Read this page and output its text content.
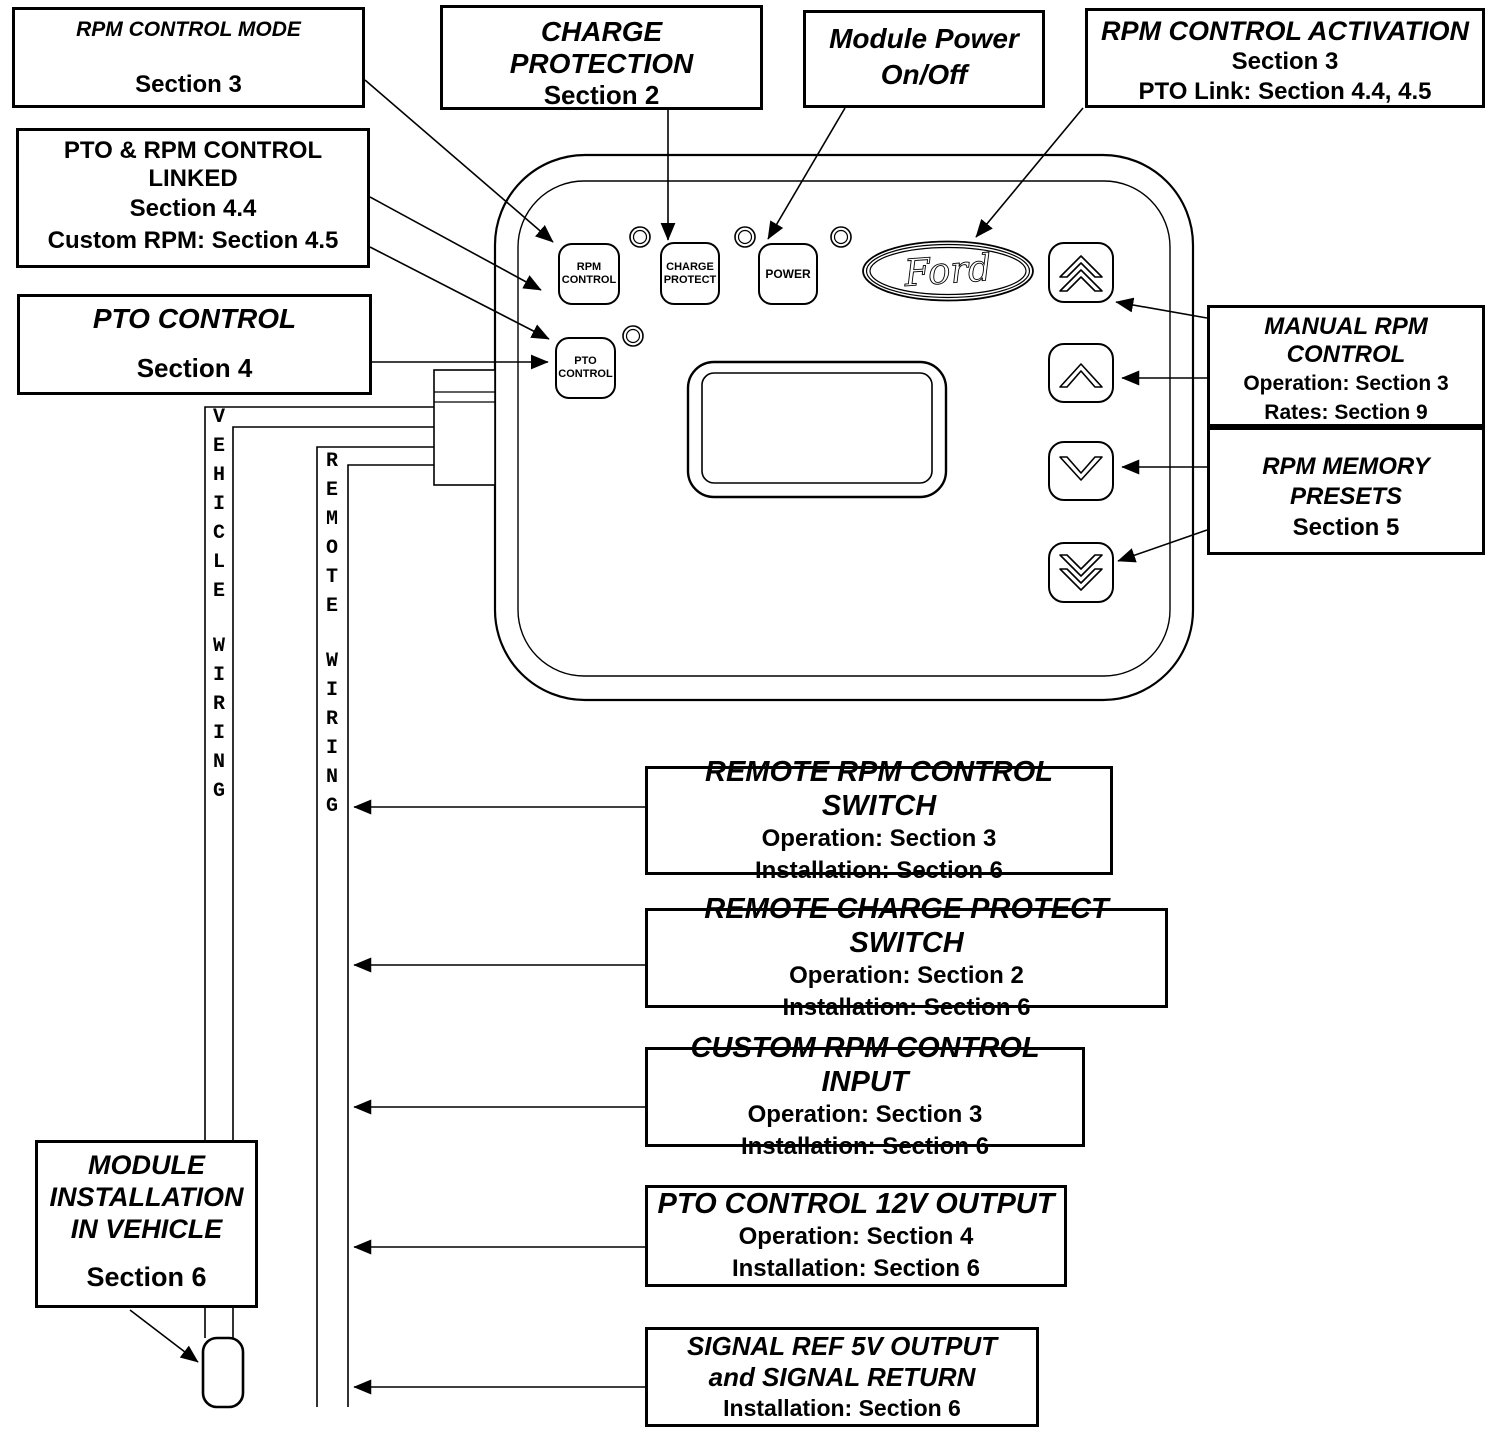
Ford
V
E
H
I
C
L
E
W
I
R
I
N
G
R
E
M
O
T
E
W
I
R
I
N
G
RPM CONTROL MODE
Section 3
PTO & RPM CONTROL LINKED
Section 4.4
Custom RPM: Section 4.5
PTO CONTROL
Section 4
CHARGE PROTECTION
Section 2
Module Power
On/Off
RPM CONTROL ACTIVATION
Section 3
PTO Link: Section 4.4, 4.5
MANUAL RPM
CONTROL
Operation: Section 3
Rates: Section 9
RPM MEMORY
PRESETS
Section 5
REMOTE RPM CONTROL SWITCH
Operation: Section 3
Installation: Section 6
REMOTE CHARGE PROTECT SWITCH
Operation: Section 2
Installation: Section 6
CUSTOM RPM CONTROL INPUT
Operation: Section 3
Installation: Section 6
PTO CONTROL 12V OUTPUT
Operation: Section 4
Installation: Section 6
SIGNAL REF 5V OUTPUT
and SIGNAL RETURN
Installation: Section 6
MODULE
INSTALLATION
IN VEHICLE
Section 6
RPM
CONTROL
CHARGE
PROTECT	POWER
PTO
CONTROL
